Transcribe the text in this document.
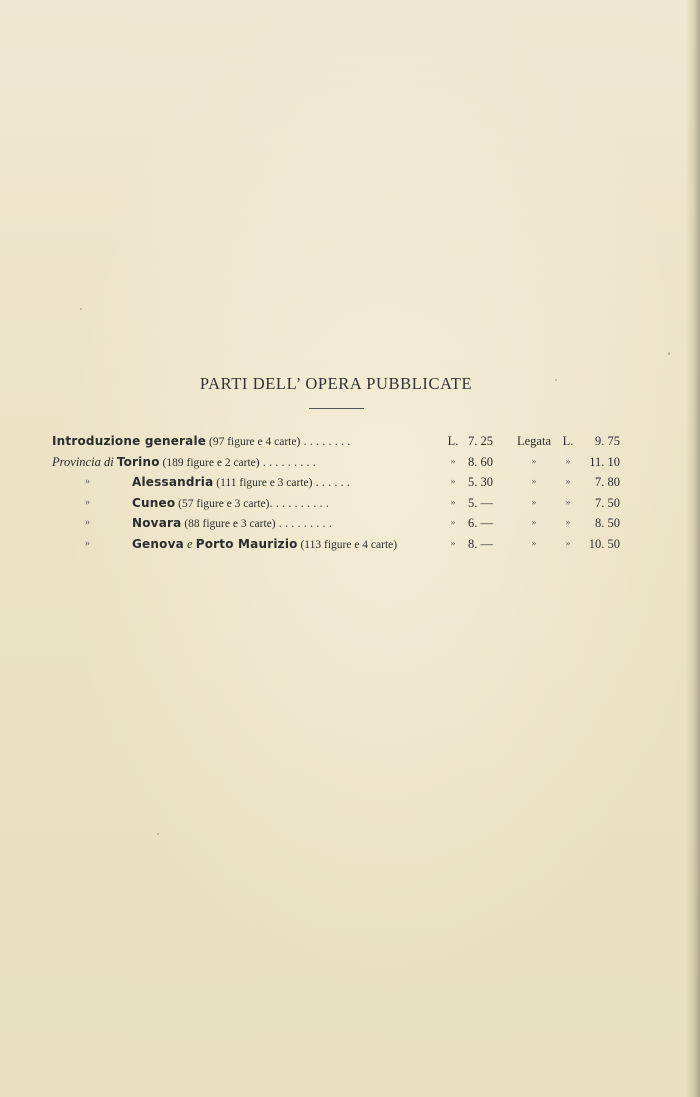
PARTI DELL’ OPERA PUBBLICATE
Introduzione generale (97 figure e 4 carte) . . . . . . . .	L. 7. 25	Legata L.	9. 75
Provincia di Torino (189 figure e 2 carte) . . . . . . . . .	»	8. 60	»	»	11. 10
»	Alessandria (111 figure e 3 carte) . . . . . .	»	5. 30	»	»	7. 80
»	Cuneo (57 figure e 3 carte). . . . . . . . . .	»	5. —	»	»	7. 50
»	Novara (88 figure e 3 carte) . . . . . . . . .	»	6. —	»	»	8. 50
»	Genova e Porto Maurizio (113 figure e 4 carte)	»	8. —	»	»	10. 50
